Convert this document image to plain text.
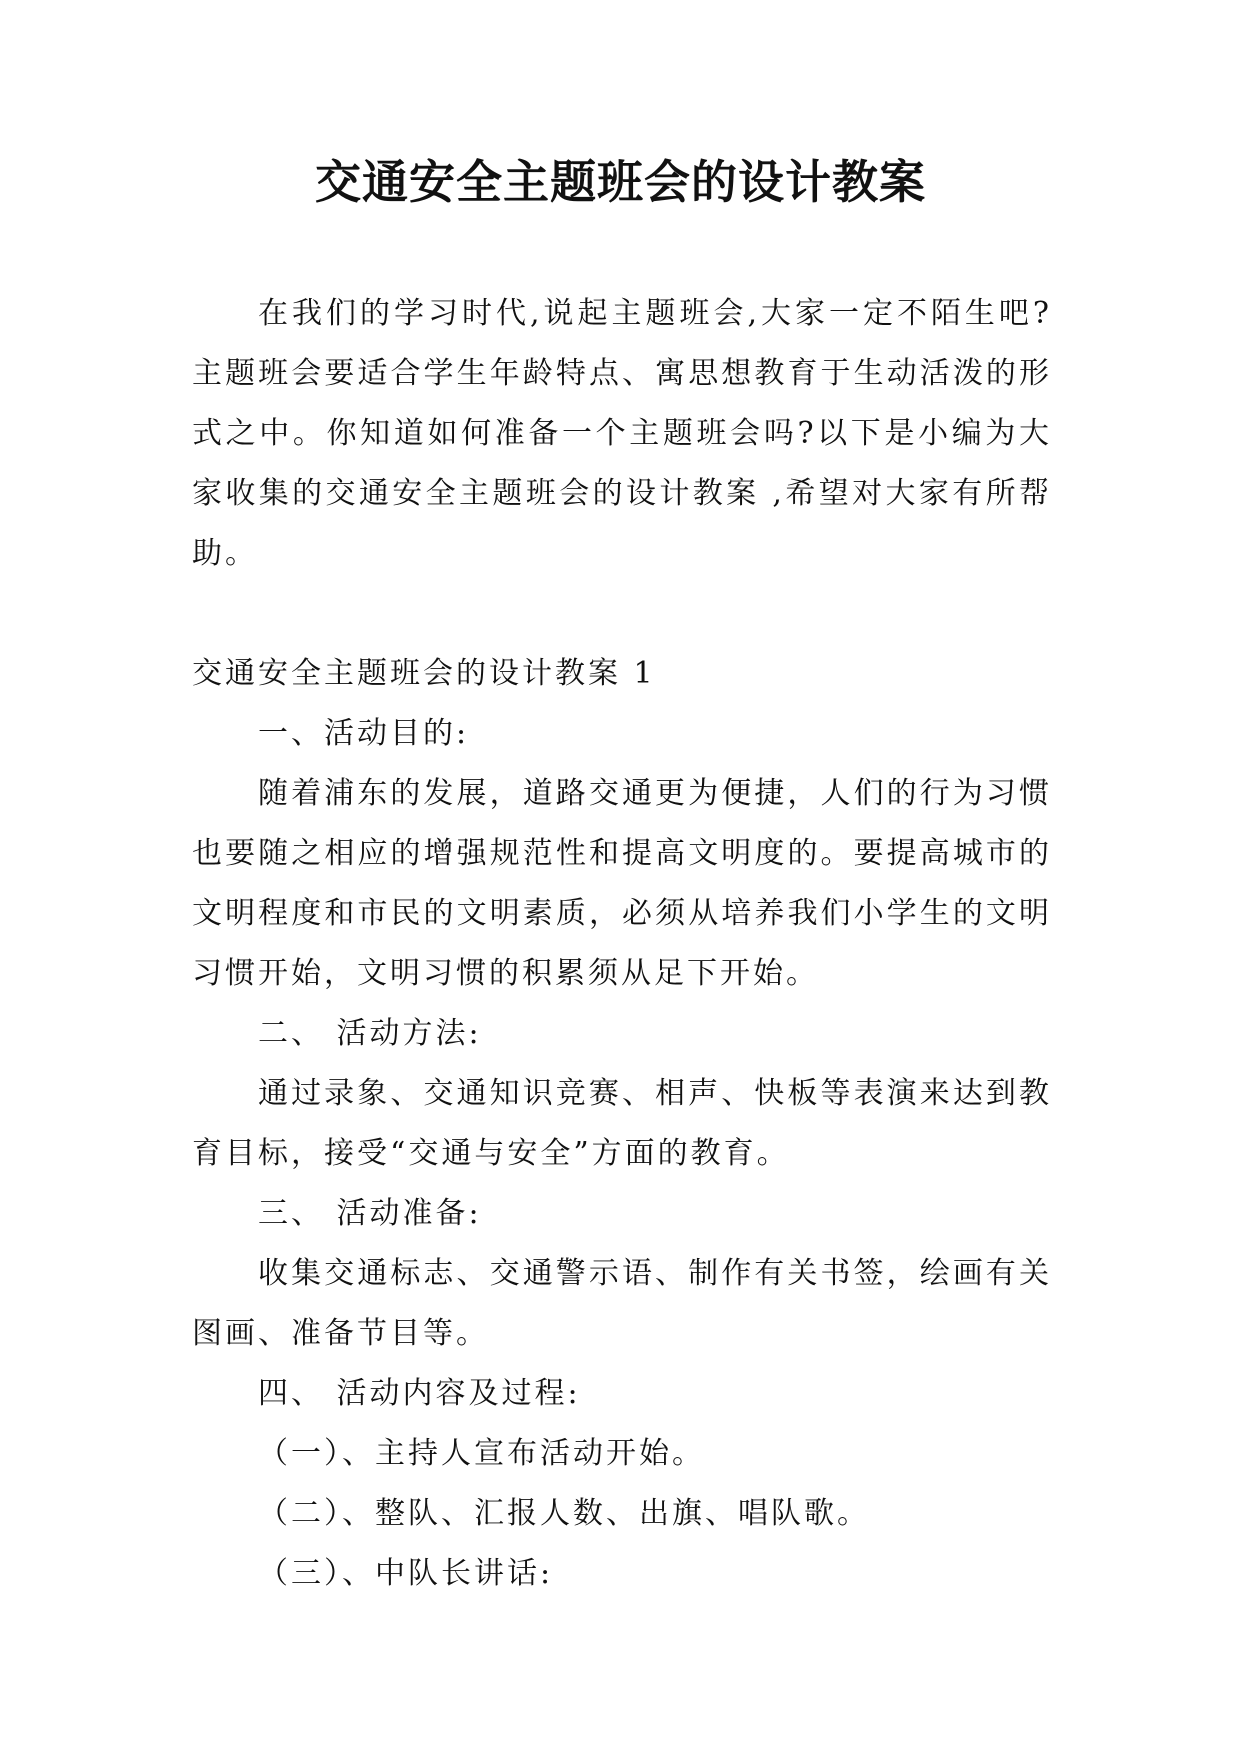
交通安全主题班会的设计教案

在我们的学习时代,说起主题班会,大家一定不陌生吧?主题班会要适合学生年龄特点、寓思想教育于生动活泼的形式之中。你知道如何准备一个主题班会吗?以下是小编为大家收集的交通安全主题班会的设计教案 ,希望对大家有所帮助。

交通安全主题班会的设计教案 1

一、活动目的:

随着浦东的发展，道路交通更为便捷，人们的行为习惯也要随之相应的增强规范性和提高文明度的。要提高城市的文明程度和市民的文明素质，必须从培养我们小学生的文明习惯开始，文明习惯的积累须从足下开始。

二、 活动方法:

通过录象、交通知识竞赛、相声、快板等表演来达到教育目标，接受“交通与安全”方面的教育。

三、 活动准备:

收集交通标志、交通警示语、制作有关书签，绘画有关图画、准备节目等。

四、 活动内容及过程:

（一）、主持人宣布活动开始。

（二）、整队、汇报人数、出旗、唱队歌。

（三）、中队长讲话:
